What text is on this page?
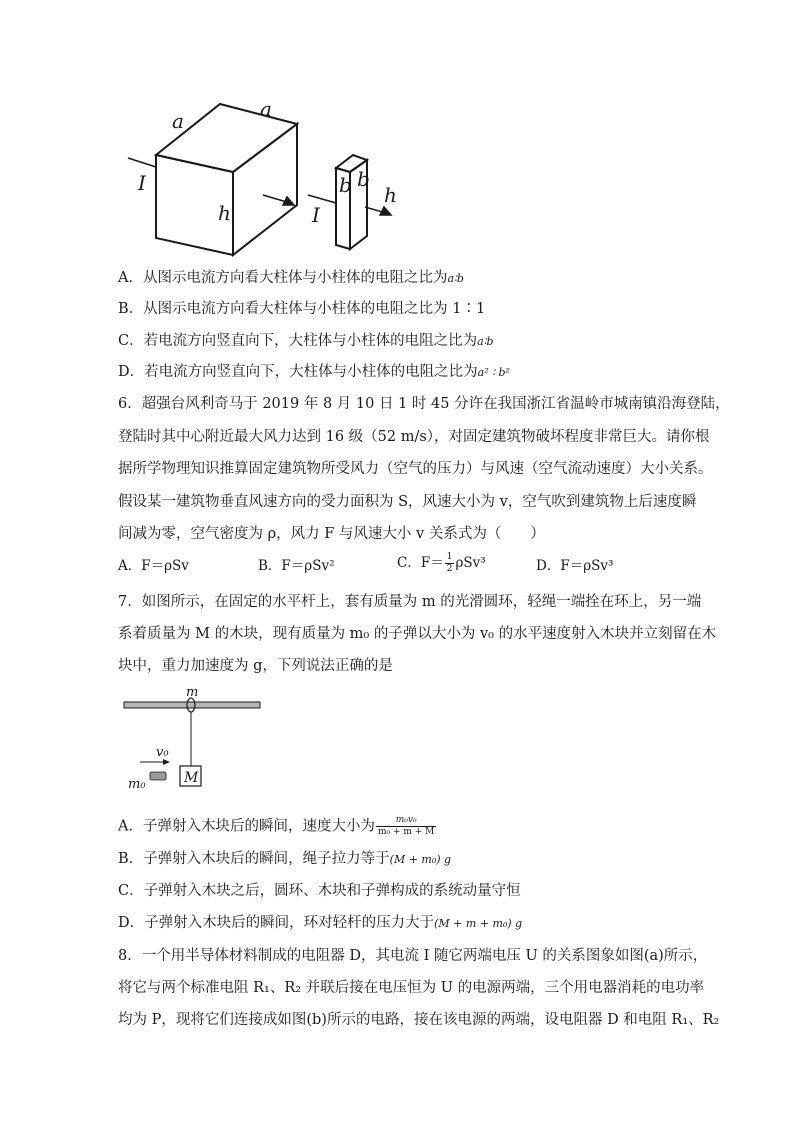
a	a
h
I	b b
h
I
A．从图示电流方向看大柱体与小柱体的电阻之比为a∶b
B．从图示电流方向看大柱体与小柱体的电阻之比为 1∶1
C．若电流方向竖直向下，大柱体与小柱体的电阻之比为a∶b
D．若电流方向竖直向下，大柱体与小柱体的电阻之比为a² ∶ b²
6．超强台风利奇马于 2019 年 8 月 10 日 1 时 45 分许在我国浙江省温岭市城南镇沿海登陆，
登陆时其中心附近最大风力达到 16 级（52 m/s），对固定建筑物破坏程度非常巨大。请你根
据所学物理知识推算固定建筑物所受风力（空气的压力）与风速（空气流动速度）大小关系。
假设某一建筑物垂直风速方向的受力面积为 S，风速大小为 v，空气吹到建筑物上后速度瞬
间减为零，空气密度为 ρ，风力 F 与风速大小 v 关系式为（　　）
A．F＝ρSv	B．F＝ρSv²	C．$F= \frac{1}{2} \rho Sv^3$	D．F＝ρSv³
7．如图所示，在固定的水平杆上，套有质量为 m 的光滑圆环，轻绳一端拴在环上，另一端
系着质量为 M 的木块，现有质量为 m₀ 的子弹以大小为 v₀ 的水平速度射入木块并立刻留在木
块中，重力加速度为 g，下列说法正确的是
M
m
v₀
m₀
A．子弹射入木块后的瞬间，速度大小为 $\frac{\text{m₀v₀}}{\text{m₀ + m + M}}$
B．子弹射入木块后的瞬间，绳子拉力等于(M + m₀) g
C．子弹射入木块之后，圆环、木块和子弹构成的系统动量守恒
D．子弹射入木块后的瞬间，环对轻杆的压力大于(M + m + m₀) g
8．一个用半导体材料制成的电阻器 D，其电流 I 随它两端电压 U 的关系图象如图(a)所示，
将它与两个标准电阻 R₁、R₂ 并联后接在电压恒为 U 的电源两端，三个用电器消耗的电功率
均为 P，现将它们连接成如图(b)所示的电路，接在该电源的两端，设电阻器 D 和电阻 R₁、R₂
